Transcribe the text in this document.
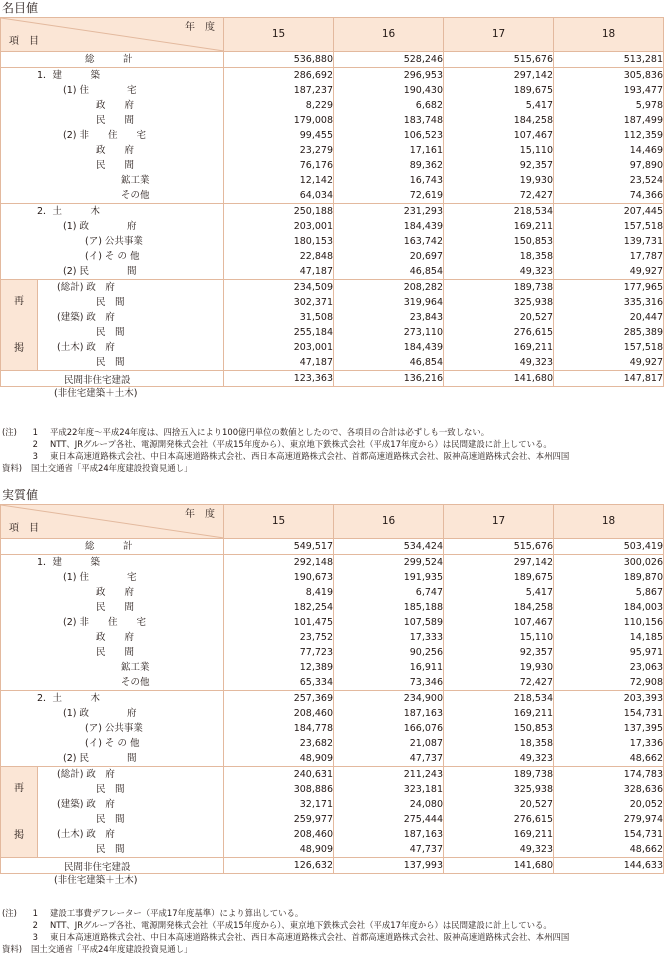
名目値
年　度
項　目		15	16	17	18

総　　　計		536,880	528,246	515,676	513,281

1．建　　　築		286,692	296,953	297,142	305,836

(1) 住　　　　宅		187,237	190,430	189,675	193,477

政　　府		8,229	6,682	5,417	5,978

民　　間		179,008	183,748	184,258	187,499

(2) 非　　住　　宅		99,455	106,523	107,467	112,359

政　　府		23,279	17,161	15,110	14,469

民　　間		76,176	89,362	92,357	97,890

鉱工業		12,142	16,743	19,930	23,524

その他		64,034	72,619	72,427	74,366

2．土　　　木		250,188	231,293	218,534	207,445

(1) 政　　　　府		203,001	184,439	169,211	157,518

(ア) 公共事業		180,153	163,742	150,853	139,731

(イ) そ の 他		22,848	20,697	18,358	17,787

(2) 民　　　　間		47,187	46,854	49,323	49,927

再
掲	(総計) 政　府	234,509	208,282	189,738	177,965

	民　間	302,371	319,964	325,938	335,316

	(建築) 政　府	31,508	23,843	20,527	20,447

	民　間	255,184	273,110	276,615	285,389

	(土木) 政　府	203,001	184,439	169,211	157,518

	民　間	47,187	46,854	49,323	49,927

民間非住宅建設
(非住宅建築＋土木)		123,363	136,216	141,680	147,817
(注) 1 平成22年度～平成24年度は、四捨五入により100億円単位の数値としたので、各項目の合計は必ずしも一致しない。
2 NTT、JRグループ各社、電源開発株式会社（平成15年度から）、東京地下鉄株式会社（平成17年度から）は民間建設に計上している。
3 東日本高速道路株式会社、中日本高速道路株式会社、西日本高速道路株式会社、首都高速道路株式会社、阪神高速道路株式会社、本州四国
資料) 国土交通省「平成24年度建設投資見通し」
実質値
年　度
項　目		15	16	17	18

総　　　計		549,517	534,424	515,676	503,419

1．建　　　築		292,148	299,524	297,142	300,026

(1) 住　　　　宅		190,673	191,935	189,675	189,870

政　　府		8,419	6,747	5,417	5,867

民　　間		182,254	185,188	184,258	184,003

(2) 非　　住　　宅		101,475	107,589	107,467	110,156

政　　府		23,752	17,333	15,110	14,185

民　　間		77,723	90,256	92,357	95,971

鉱工業		12,389	16,911	19,930	23,063

その他		65,334	73,346	72,427	72,908

2．土　　　木		257,369	234,900	218,534	203,393

(1) 政　　　　府		208,460	187,163	169,211	154,731

(ア) 公共事業		184,778	166,076	150,853	137,395

(イ) そ の 他		23,682	21,087	18,358	17,336

(2) 民　　　　間		48,909	47,737	49,323	48,662

再
掲	(総計) 政　府	240,631	211,243	189,738	174,783

	民　間	308,886	323,181	325,938	328,636

	(建築) 政　府	32,171	24,080	20,527	20,052

	民　間	259,977	275,444	276,615	279,974

	(土木) 政　府	208,460	187,163	169,211	154,731

	民　間	48,909	47,737	49,323	48,662

民間非住宅建設
(非住宅建築＋土木)		126,632	137,993	141,680	144,633
(注) 1 建設工事費デフレーター（平成17年度基準）により算出している。
2 NTT、JRグループ各社、電源開発株式会社（平成15年度から）、東京地下鉄株式会社（平成17年度から）は民間建設に計上している。
3 東日本高速道路株式会社、中日本高速道路株式会社、西日本高速道路株式会社、首都高速道路株式会社、阪神高速道路株式会社、本州四国
資料) 国土交通省「平成24年度建設投資見通し」
